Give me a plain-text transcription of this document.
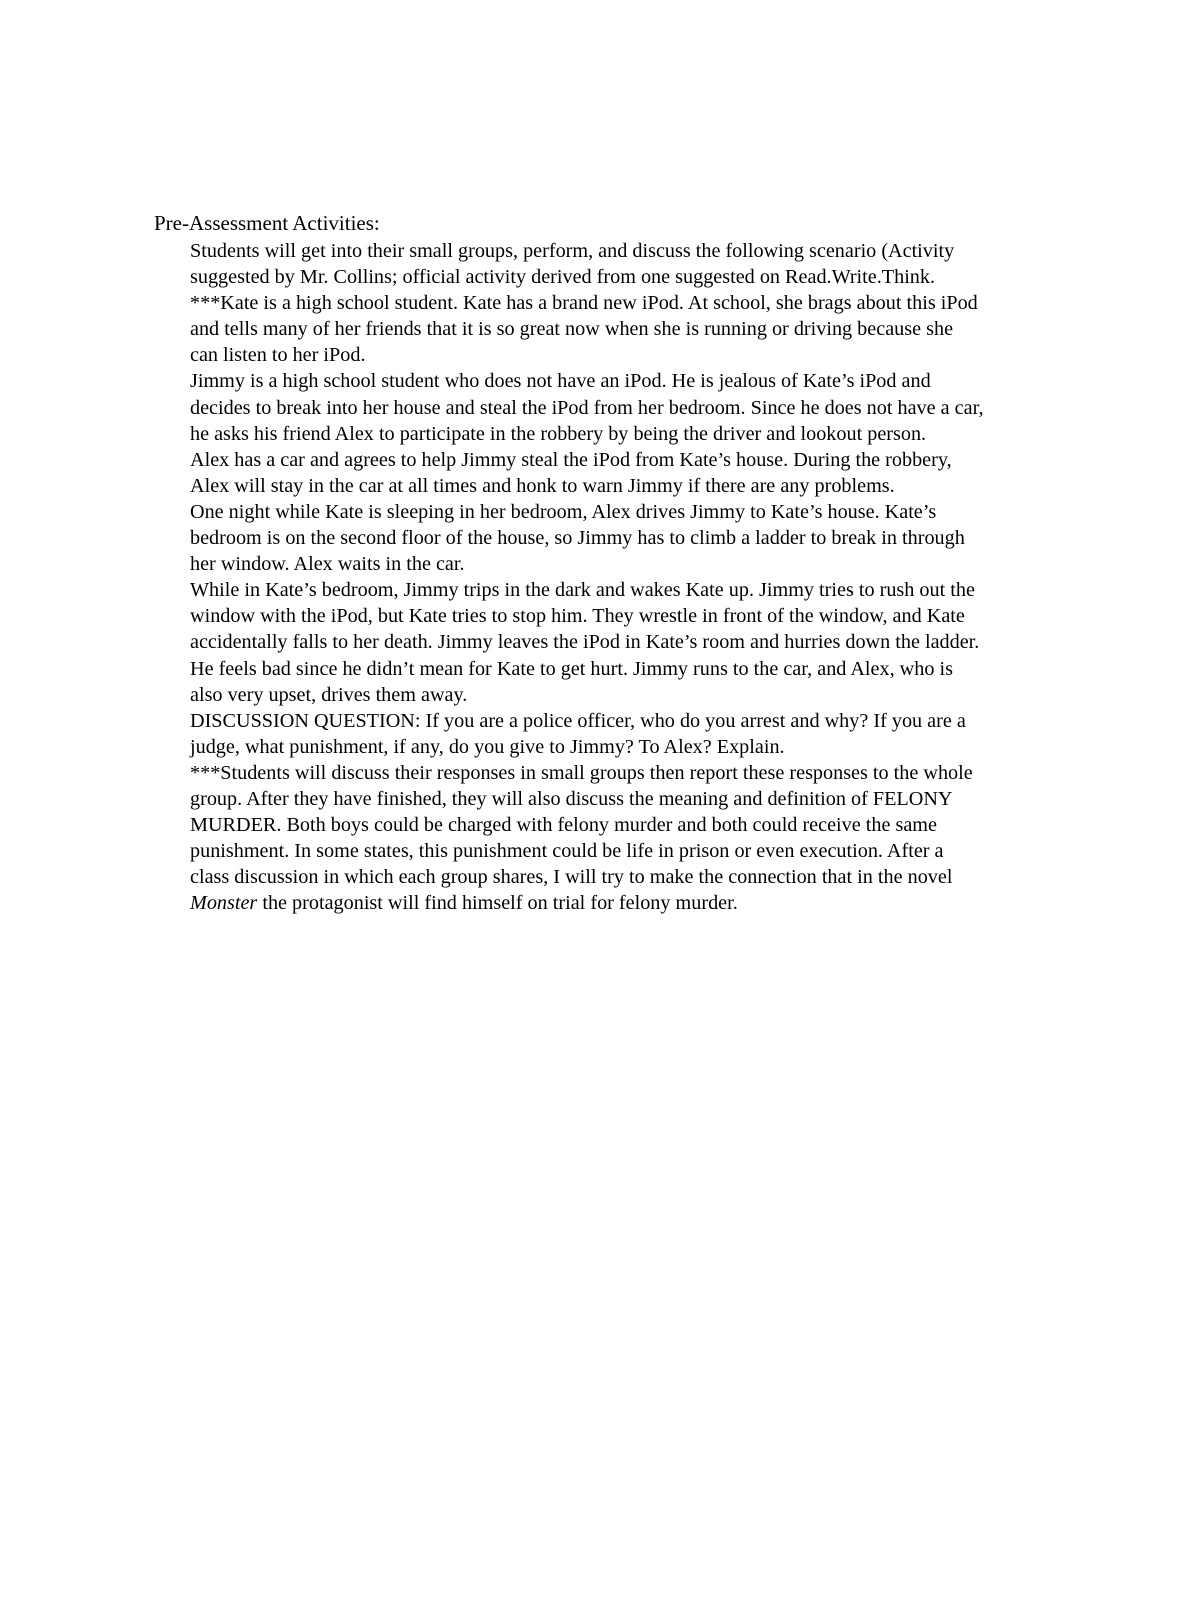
Pre-Assessment Activities:

Students will get into their small groups, perform, and discuss the following scenario (Activity
suggested by Mr. Collins; official activity derived from one suggested on Read.Write.Think.

***Kate is a high school student. Kate has a brand new iPod. At school, she brags about this iPod
and tells many of her friends that it is so great now when she is running or driving because she
can listen to her iPod.

Jimmy is a high school student who does not have an iPod. He is jealous of Kate’s iPod and
decides to break into her house and steal the iPod from her bedroom. Since he does not have a car,
he asks his friend Alex to participate in the robbery by being the driver and lookout person.

Alex has a car and agrees to help Jimmy steal the iPod from Kate’s house. During the robbery,
Alex will stay in the car at all times and honk to warn Jimmy if there are any problems.

One night while Kate is sleeping in her bedroom, Alex drives Jimmy to Kate’s house. Kate’s
bedroom is on the second floor of the house, so Jimmy has to climb a ladder to break in through
her window. Alex waits in the car.

While in Kate’s bedroom, Jimmy trips in the dark and wakes Kate up. Jimmy tries to rush out the
window with the iPod, but Kate tries to stop him. They wrestle in front of the window, and Kate
accidentally falls to her death. Jimmy leaves the iPod in Kate’s room and hurries down the ladder.
He feels bad since he didn’t mean for Kate to get hurt. Jimmy runs to the car, and Alex, who is
also very upset, drives them away.

DISCUSSION QUESTION: If you are a police officer, who do you arrest and why? If you are a
judge, what punishment, if any, do you give to Jimmy? To Alex? Explain.

***Students will discuss their responses in small groups then report these responses to the whole
group. After they have finished, they will also discuss the meaning and definition of FELONY
MURDER. Both boys could be charged with felony murder and both could receive the same
punishment. In some states, this punishment could be life in prison or even execution. After a
class discussion in which each group shares, I will try to make the connection that in the novel
Monster the protagonist will find himself on trial for felony murder.
